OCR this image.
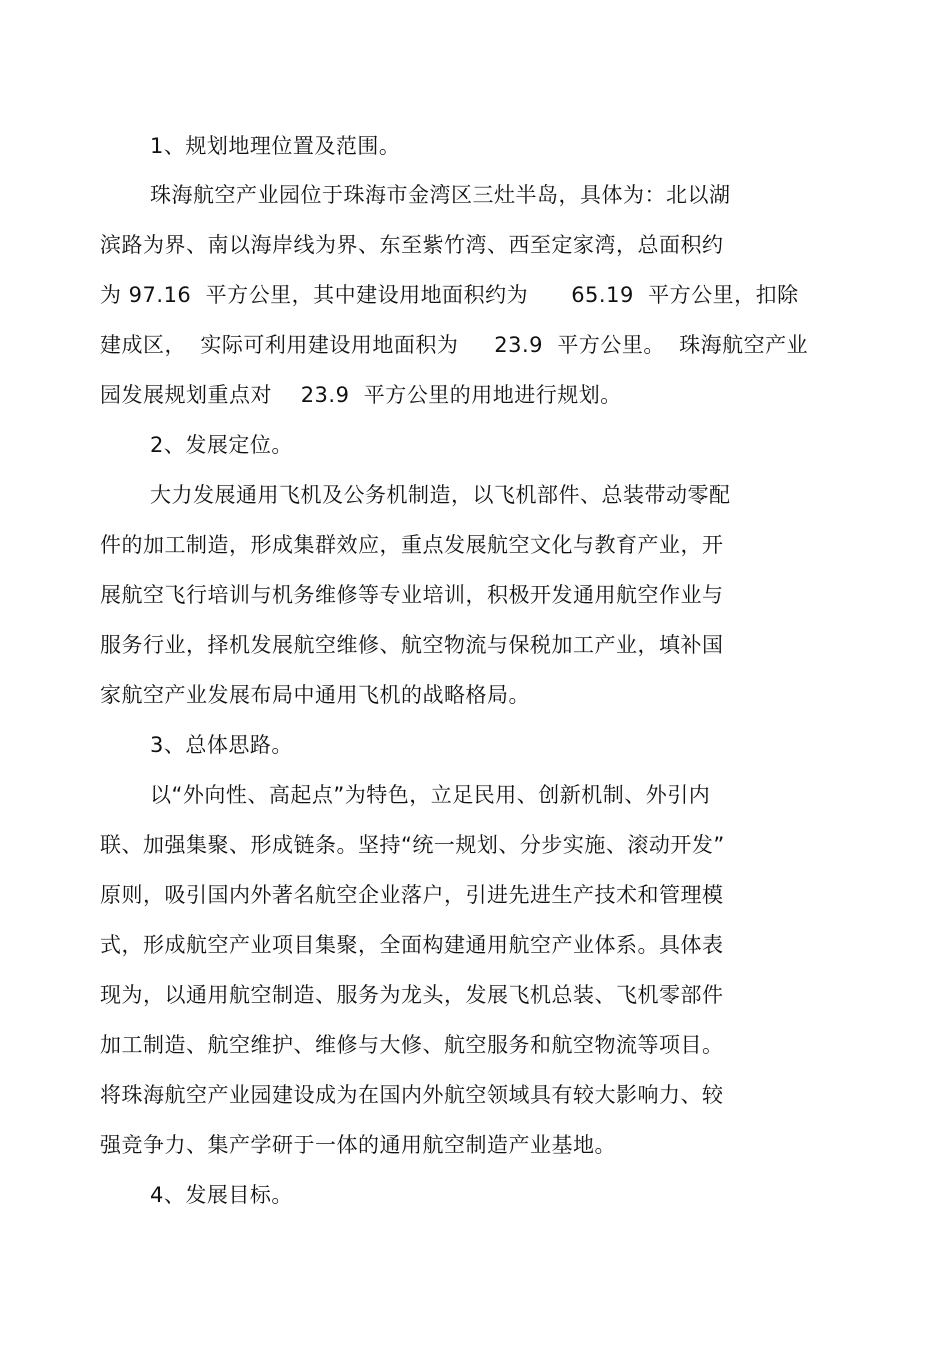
1、规划地理位置及范围。
珠海航空产业园位于珠海市金湾区三灶半岛，具体为：北以湖
滨路为界、南以海岸线为界、东至紫竹湾、西至定家湾，总面积约
为 97.16  平方公里，其中建设用地面积约为      65.19  平方公里，扣除
建成区，  实际可利用建设用地面积为     23.9  平方公里。  珠海航空产业
园发展规划重点对    23.9  平方公里的用地进行规划。
2、发展定位。
大力发展通用飞机及公务机制造，以飞机部件、总装带动零配
件的加工制造，形成集群效应，重点发展航空文化与教育产业，开
展航空飞行培训与机务维修等专业培训，积极开发通用航空作业与
服务行业，择机发展航空维修、航空物流与保税加工产业，填补国
家航空产业发展布局中通用飞机的战略格局。
3、总体思路。
以“外向性、高起点”为特色，立足民用、创新机制、外引内
联、加强集聚、形成链条。坚持“统一规划、分步实施、滚动开发”
原则，吸引国内外著名航空企业落户，引进先进生产技术和管理模
式，形成航空产业项目集聚，全面构建通用航空产业体系。具体表
现为，以通用航空制造、服务为龙头，发展飞机总装、飞机零部件
加工制造、航空维护、维修与大修、航空服务和航空物流等项目。
将珠海航空产业园建设成为在国内外航空领域具有较大影响力、较
强竞争力、集产学研于一体的通用航空制造产业基地。
4、发展目标。
